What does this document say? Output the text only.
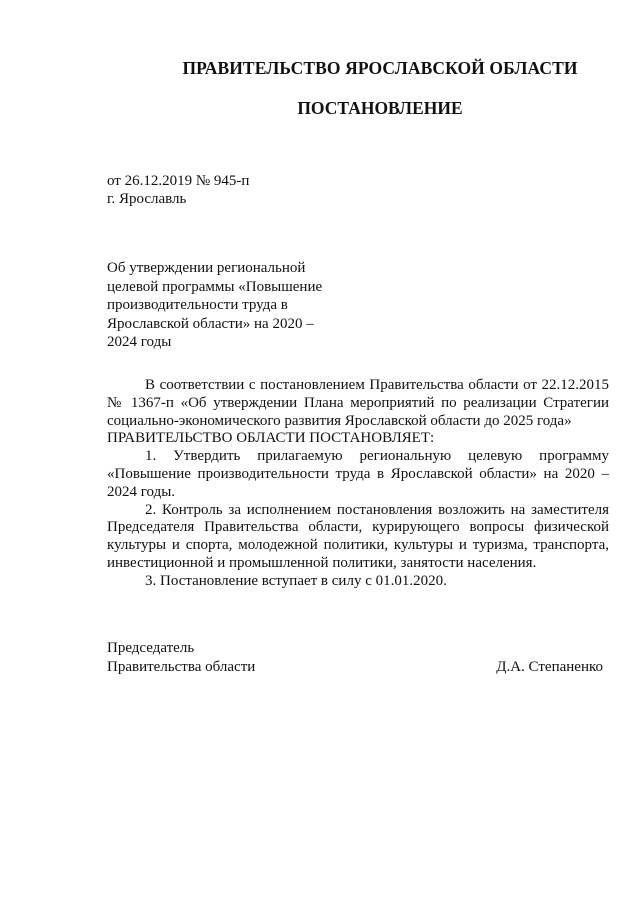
ПРАВИТЕЛЬСТВО ЯРОСЛАВСКОЙ ОБЛАСТИ
ПОСТАНОВЛЕНИЕ
от 26.12.2019 № 945-п
г. Ярославль
Об утверждении региональной
целевой программы «Повышение
производительности труда в
Ярославской области» на 2020 –
2024 годы

В соответствии с постановлением Правительства области от 22.12.2015 № 1367-п «Об утверждении Плана мероприятий по реализации Стратегии социально-экономического развития Ярославской области до 2025 года»

ПРАВИТЕЛЬСТВО ОБЛАСТИ ПОСТАНОВЛЯЕТ:

1. Утвердить прилагаемую региональную целевую программу «Повышение производительности труда в Ярославской области» на 2020 – 2024 годы.

2. Контроль за исполнением постановления возложить на заместителя Председателя Правительства области, курирующего вопросы физической культуры и спорта, молодежной политики, культуры и туризма, транспорта, инвестиционной и промышленной политики, занятости населения.

3. Постановление вступает в силу с 01.01.2020.

Председатель
Правительства области	Д.А. Степаненко
